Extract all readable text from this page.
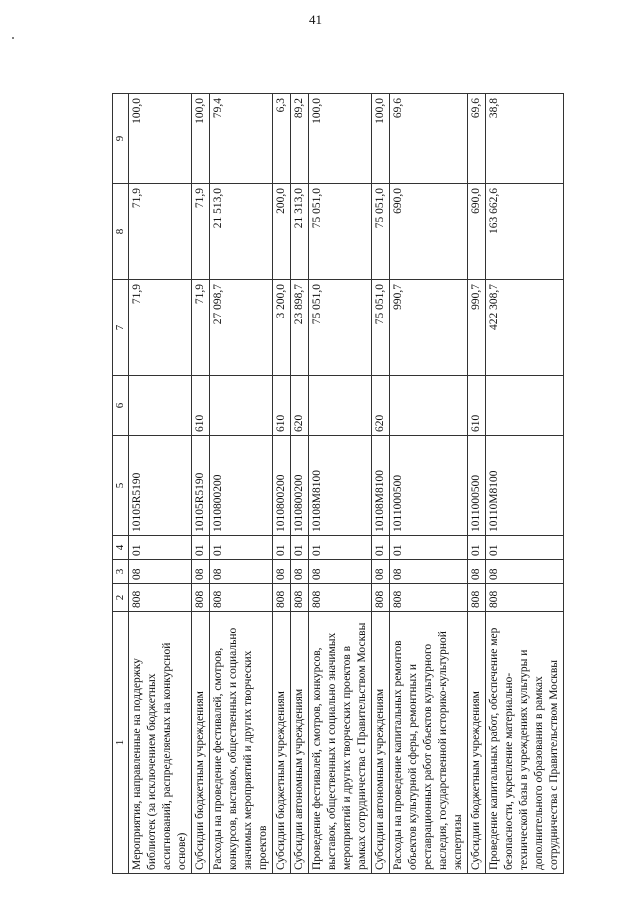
41
1	2	3	4	5	6	7	8	9
Мероприятия, направленные на поддержку библиотек (за исключением бюджетных ассигнований, распределяемых на конкурсной основе)	808	08	01	10105R5190		71,9	71,9	100,0
Субсидии бюджетным учреждениям	808	08	01	10105R5190	610	71,9	71,9	100,0
Расходы на проведение фестивалей, смотров, конкурсов, выставок, общественных и социально значимых мероприятий и других творческих проектов	808	08	01	1010800200		27 098,7	21 513,0	79,4
Субсидии бюджетным учреждениям	808	08	01	1010800200	610	3 200,0	200,0	6,3
Субсидии автономным учреждениям	808	08	01	1010800200	620	23 898,7	21 313,0	89,2
Проведение фестивалей, смотров, конкурсов, выставок, общественных и социально значимых мероприятий и других творческих проектов в рамках сотрудничества с Правительством Москвы	808	08	01	10108M8100		75 051,0	75 051,0	100,0
Субсидии автономным учреждениям	808	08	01	10108M8100	620	75 051,0	75 051,0	100,0
Расходы на проведение капитальных ремонтов объектов культурной сферы, ремонтных и реставрационных работ объектов культурного наследия, государственной историко-культурной экспертизы	808	08	01	1011000500		990,7	690,0	69,6
Субсидии бюджетным учреждениям	808	08	01	1011000500	610	990,7	690,0	69,6
Проведение капитальных работ, обеспечение мер безопасности, укрепление материально-технической базы в учреждениях культуры и дополнительного образования в рамках сотрудничества с Правительством Москвы	808	08	01	10110M8100		422 308,7	163 662,6	38,8
